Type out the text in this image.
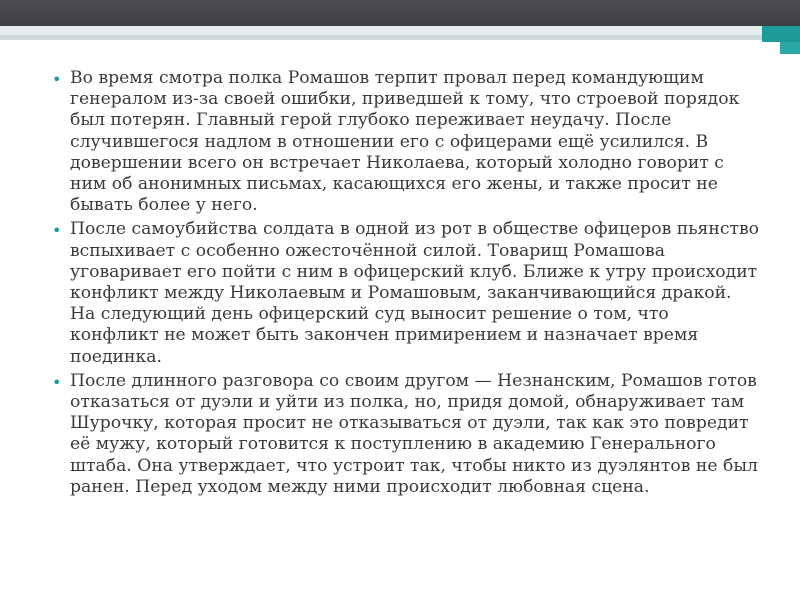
• Во время смотра полка Ромашов терпит провал перед командующим генералом из-за своей ошибки, приведшей к тому, что строевой порядок был потерян. Главный герой глубоко переживает неудачу. После случившегося надлом в отношении его с офицерами ещё усилился. В довершении всего он встречает Николаева, который холодно говорит с ним об анонимных письмах, касающихся его жены, и также просит не бывать более у него.
• После самоубийства солдата в одной из рот в обществе офицеров пьянство вспыхивает с особенно ожесточённой силой. Товарищ Ромашова уговаривает его пойти с ним в офицерский клуб. Ближе к утру происходит конфликт между Николаевым и Ромашовым, заканчивающийся дракой. На следующий день офицерский суд выносит решение о том, что конфликт не может быть закончен примирением и назначает время поединка.
• После длинного разговора со своим другом — Незнанским, Ромашов готов отказаться от дуэли и уйти из полка, но, придя домой, обнаруживает там Шурочку, которая просит не отказываться от дуэли, так как это повредит её мужу, который готовится к поступлению в академию Генерального штаба. Она утверждает, что устроит так, чтобы никто из дуэлянтов не был ранен. Перед уходом между ними происходит любовная сцена.
